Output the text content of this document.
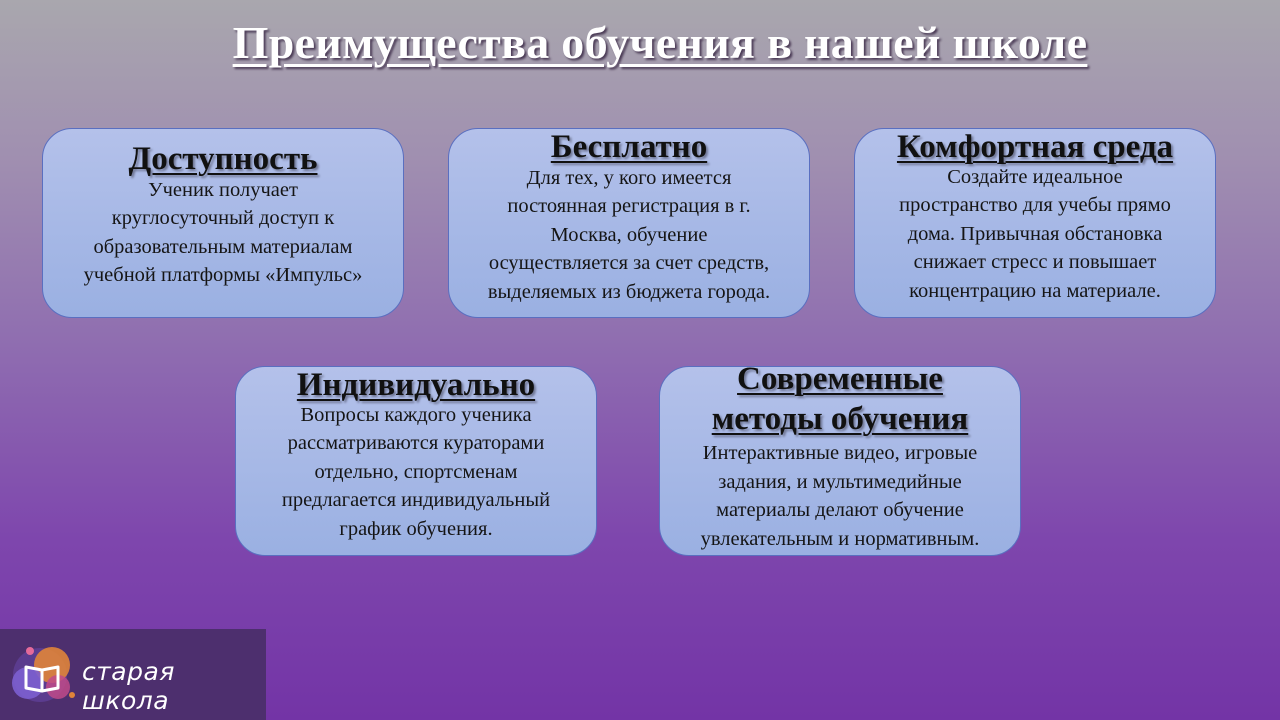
Преимущества обучения в нашей школе
Доступность
Ученик получает
круглосуточный доступ к
образовательным материалам
учебной платформы «Импульс»
Бесплатно
Для тех, у кого имеется
постоянная регистрация в г.
Москва, обучение
осуществляется за счет средств,
выделяемых из бюджета города.
Комфортная среда
Создайте идеальное
пространство для учебы прямо
дома. Привычная обстановка
снижает стресс и повышает
концентрацию на материале.
Индивидуально
Вопросы каждого ученика
рассматриваются кураторами
отдельно, спортсменам
предлагается индивидуальный
график обучения.
Современные
методы обучения
Интерактивные видео, игровые
задания, и мультимедийные
материалы делают обучение
увлекательным и нормативным.
старая школа
